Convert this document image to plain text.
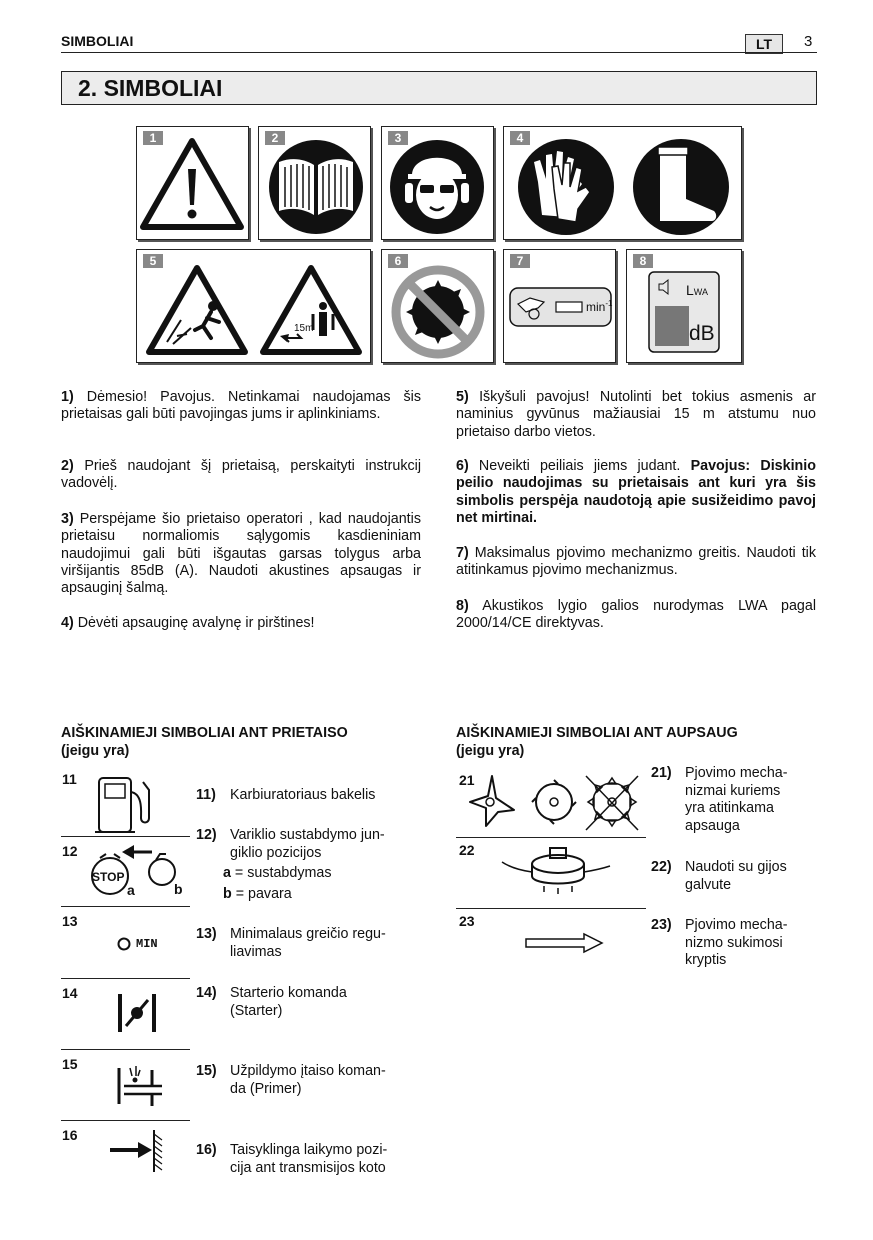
SIMBOLIAI	LT	3
2. SIMBOLIAI
1	2	3	4
5
15m
6	7
$\min^{-1}$
8
LWA
dB
1) Dėmesio! Pavojus. Netinkamai naudojamas šis prietaisas gali būti pavojingas jums ir aplinkiniams.
2) Prieš naudojant šį prietaisą, perskaityti instrukcij vadovėlį.
3) Perspėjame šio prietaiso operatori , kad naudojantis prietaisu normaliomis sąlygomis kasdieniniam naudojimui gali būti išgautas garsas tolygus arba viršijantis 85dB (A). Naudoti akustines apsaugas ir apsauginį šalmą.
4) Dėvėti apsauginę avalynę ir pirštines!
5) Iškyšuli pavojus! Nutolinti bet tokius asmenis ar naminius gyvūnus mažiausiai 15 m atstumu nuo prietaiso darbo vietos.
6) Neveikti peiliais jiems judant. Pavojus: Diskinio peilio naudojimas su prietaisais ant kuri yra šis simbolis perspėja naudotoją apie susižeidimo pavoj net mirtinai.
7) Maksimalus pjovimo mechanizmo greitis. Naudoti tik atitinkamus pjovimo mechanizmus.
8) Akustikos lygio galios nurodymas LWA pagal 2000/14/CE direktyvas.
AIŠKINAMIEJI SIMBOLIAI ANT PRIETAISO
(jeigu yra)
11
11) Karbiuratoriaus bakelis
12
STOP
a	b
12) Variklio sustabdymo jun-
giklio pozicijos
a = sustabdymas
b = pavara
13
MIN
13) Minimalaus greičio regu-
liavimas
14	14) Starterio komanda
(Starter)
15	15) Užpildymo įtaiso koman-
da (Primer)
16
16) Taisyklinga laikymo pozi-
cija ant transmisijos koto
AIŠKINAMIEJI SIMBOLIAI ANT AUPSAUG
(jeigu yra)
21	21) Pjovimo mecha-
nizmai kuriems
yra atitinkama
apsauga
22
22) Naudoti su gijos
galvute
23	23) Pjovimo mecha-
nizmo sukimosi
kryptis
